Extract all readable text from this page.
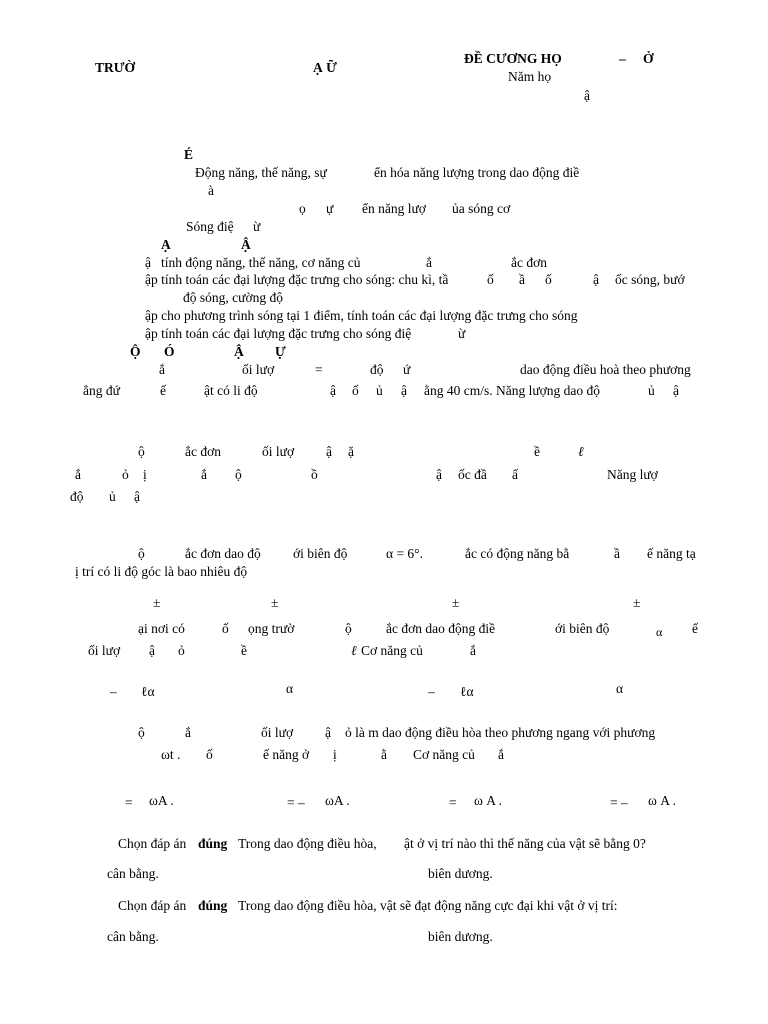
TRƯỜ	Ạ Ữ
ĐỀ CƯƠNG HỌ	– Ở
Năm họ
ậ
É
Động năng, thế năng, sự	ển hóa năng lượng trong dao động điề
à
ọ ự ển năng lượ ủa sóng cơ
Sóng điệ ừ
Ạ	Ậ
ậ tính động năng, thế năng, cơ năng củ	ắ	ắc đơn
ập tính toán các đại lượng đặc trưng cho sóng: chu kì, tầ	ố ầ ố	ậ ốc sóng, bướ
độ sóng, cường độ
ập cho phương trình sóng tại 1 điểm, tính toán các đại lượng đặc trưng cho sóng
ập tính toán các đại lượng đặc trưng cho sóng điệ	ừ
Ộ Ó	Ậ Ự
ắ	ối lượ	=	độ ứ	dao động điều hoà theo phương
ẳng đứ	ế	ật có li độ	ậ ố ủ ậ ằng 40 cm/s. Năng lượng dao độ	ủ ậ
ộ	ắc đơn	ối lượ ậ ặ	ề	ℓ
ắ	ỏ ị	ắ ộ	ồ	ậ ốc đầ ấ	Năng lượ
độ ủ ậ
ộ	ắc đơn dao độ ới biên độ	α = 6°.	ắc có động năng bằ	ầ ế năng tạ
ị trí có li độ góc là bao nhiêu độ
±	±	±	±
ại nơi có	ố ọng trườ	ộ	ắc đơn dao động điề	ới biên độ	α ế
ối lượ ậ ỏ	ề	ℓ Cơ năng củ	ắ
– ℓα	α	– ℓα	α
ộ	ắ	ối lượ ậ ỏ là m dao động điều hòa theo phương ngang với phương
ωt . ố	ế năng ở ị	ằ Cơ năng củ ắ
= ωA .	= – ωA .	= ω A .	= – ω A .
Chọn đáp án đúng Trong dao động điều hòa, ật ở vị trí nào thì thế năng của vật sẽ bằng 0?
cân bằng.	biên dương.
Chọn đáp án đúng Trong dao động điều hòa, vật sẽ đạt động năng cực đại khi vật ở vị trí:
cân bằng.	biên dương.
